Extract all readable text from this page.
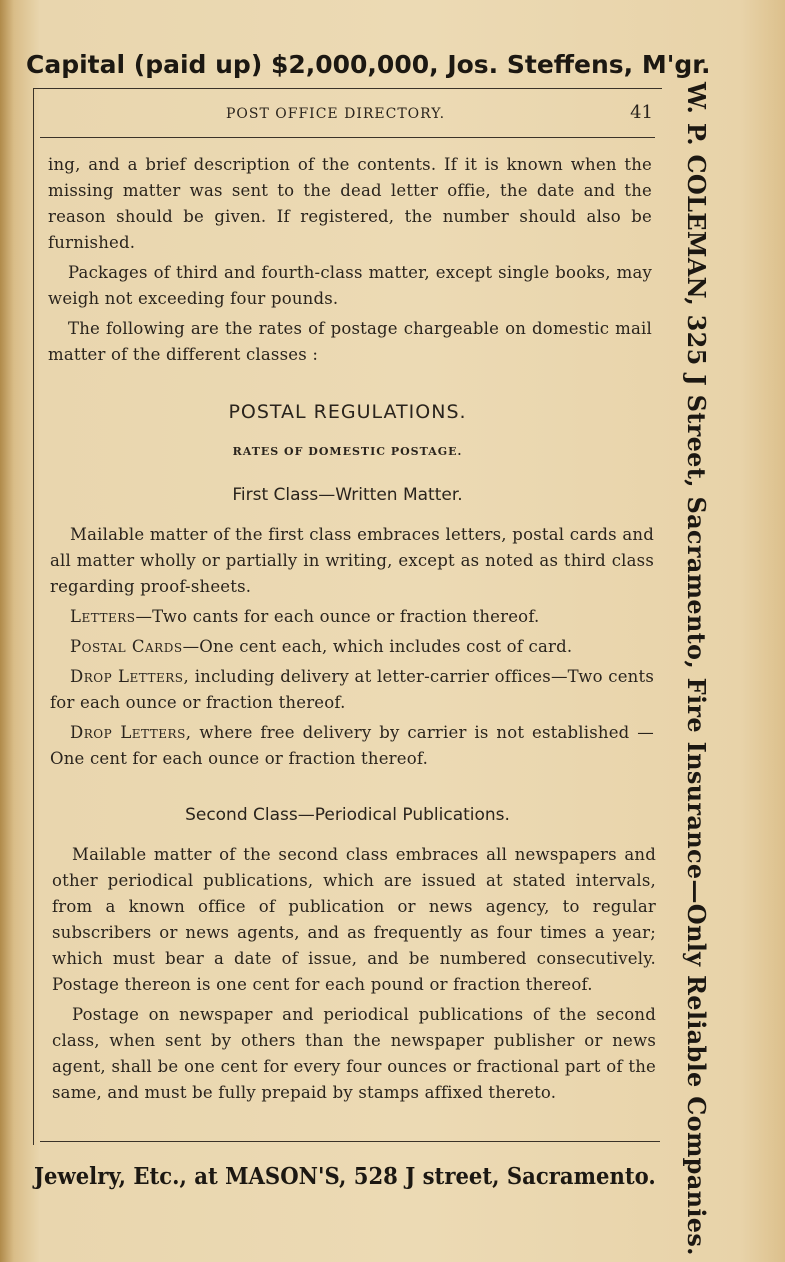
Capital (paid up) $2,000,000, Jos. Steffens, M'gr.
W. P. COLEMAN, 325 J Street, Sacramento, Fire Insurance—Only Reliable Companies.
POST OFFICE DIRECTORY.	41

ing, and a brief description of the contents. If it is known when the missing matter was sent to the dead letter offie, the date and the reason should be given. If registered, the number should also be furnished.

Packages of third and fourth-class matter, except single books, may weigh not exceeding four pounds.

The following are the rates of postage chargeable on domestic mail matter of the different classes :

POSTAL REGULATIONS.
RATES OF DOMESTIC POSTAGE.
First Class—Written Matter.

Mailable matter of the first class embraces letters, postal cards and all matter wholly or partially in writing, except as noted as third class regarding proof-sheets.

Letters—Two cants for each ounce or fraction thereof.

Postal Cards—One cent each, which includes cost of card.

Drop Letters, including delivery at letter-carrier offices—Two cents for each ounce or fraction thereof.

Drop Letters, where free delivery by carrier is not established —One cent for each ounce or fraction thereof.

Second Class—Periodical Publications.

Mailable matter of the second class embraces all newspapers and other periodical publications, which are issued at stated intervals, from a known office of publication or news agency, to regular subscribers or news agents, and as frequently as four times a year; which must bear a date of issue, and be numbered consecutively. Postage thereon is one cent for each pound or fraction thereof.

Postage on newspaper and periodical publications of the second class, when sent by others than the newspaper publisher or news agent, shall be one cent for every four ounces or fractional part of the same, and must be fully prepaid by stamps affixed thereto.

Jewelry, Etc., at MASON'S, 528 J street, Sacramento.
